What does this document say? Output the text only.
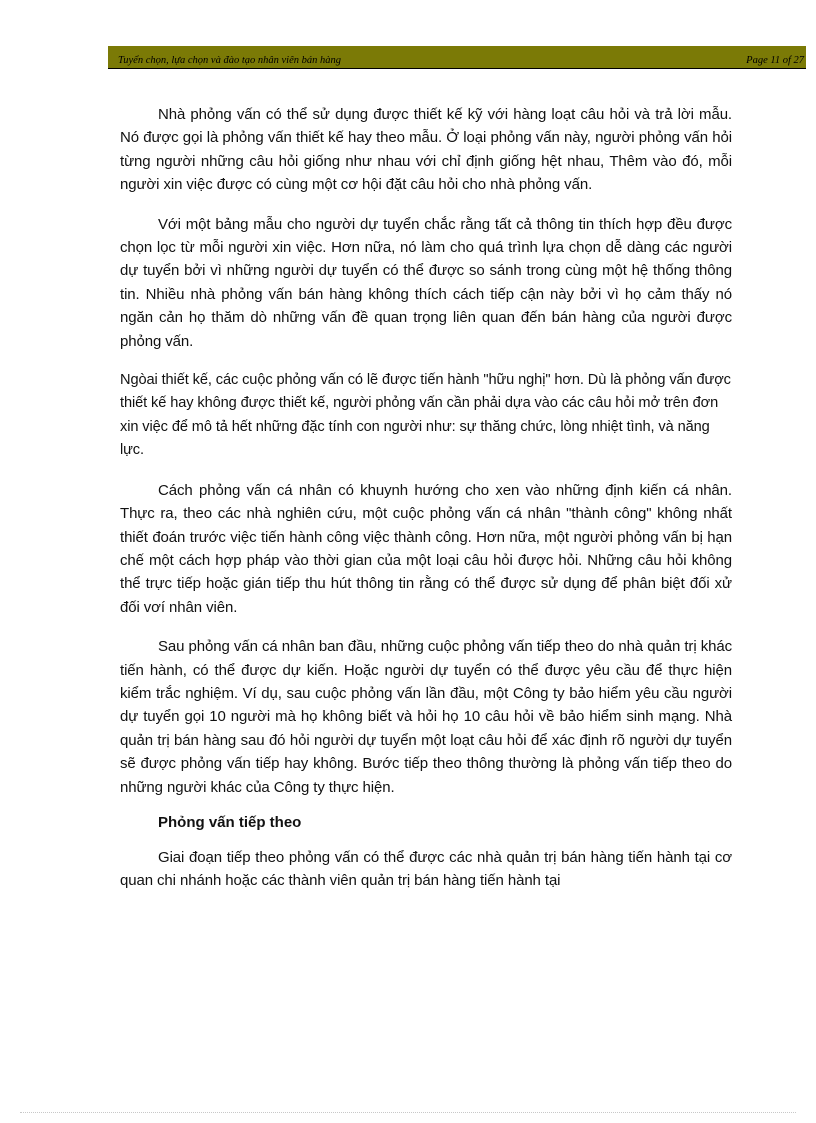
Tuyển chọn, lựa chọn và đào tạo nhân viên bán hàng	Page 11 of 27

Nhà phỏng vấn có thể sử dụng được thiết kế kỹ với hàng loạt câu hỏi và trả lời mẫu. Nó được gọi là phỏng vấn thiết kế hay theo mẫu. Ở loại phỏng vấn này, người phỏng vấn hỏi từng người những câu hỏi giống như nhau với chỉ định giống hệt nhau, Thêm vào đó, mỗi người xin việc được có cùng một cơ hội đặt câu hỏi cho nhà phỏng vấn.

Với một bảng mẫu cho người dự tuyển chắc rằng tất cả thông tin thích hợp đều được chọn lọc từ mỗi người xin việc. Hơn nữa, nó làm cho quá trình lựa chọn dễ dàng các người dự tuyển bởi vì những người dự tuyển có thể được so sánh trong cùng một hệ thống thông tin. Nhiều nhà phỏng vấn bán hàng không thích cách tiếp cận này bởi vì họ cảm thấy nó ngăn cản họ thăm dò những vấn đề quan trọng liên quan đến bán hàng của người được phỏng vấn.

Ngòai thiết kế, các cuộc phỏng vấn có lẽ được tiến hành "hữu nghị" hơn. Dù là phỏng vấn được thiết kế hay không được thiết kế, người phỏng vấn cần phải dựa vào các câu hỏi mở trên đơn xin việc để mô tả hết những đặc tính con người như: sự thăng chức, lòng nhiệt tình, và năng lực.

Cách phỏng vấn cá nhân có khuynh hướng cho xen vào những định kiến cá nhân. Thực ra, theo các nhà nghiên cứu, một cuộc phỏng vấn cá nhân "thành công" không nhất thiết đoán trước việc tiến hành công việc thành công. Hơn nữa, một người phỏng vấn bị hạn chế một cách hợp pháp vào thời gian của một loại câu hỏi được hỏi. Những câu hỏi không thể trực tiếp hoặc gián tiếp thu hút thông tin rằng có thể được sử dụng để phân biệt đối xử đối vơí nhân viên.

Sau phỏng vấn cá nhân ban đầu, những cuộc phỏng vấn tiếp theo do nhà quản trị khác tiến hành, có thể được dự kiến. Hoặc người dự tuyển có thể được yêu cầu để thực hiện kiểm trắc nghiệm. Ví dụ, sau cuộc phỏng vấn lần đầu, một Công ty bảo hiểm yêu cầu người dự tuyển gọi 10 người mà họ không biết và hỏi họ 10 câu hỏi về bảo hiểm sinh mạng. Nhà quản trị bán hàng sau đó hỏi người dự tuyển một loạt câu hỏi để xác định rõ người dự tuyển sẽ được phỏng vấn tiếp hay không. Bước tiếp theo thông thường là phỏng vấn tiếp theo do những người khác của Công ty thực hiện.

Phỏng vấn tiếp theo

Giai đoạn tiếp theo phỏng vấn có thể được các nhà quản trị bán hàng tiến hành tại cơ quan chi nhánh hoặc các thành viên quản trị bán hàng tiến hành tại
